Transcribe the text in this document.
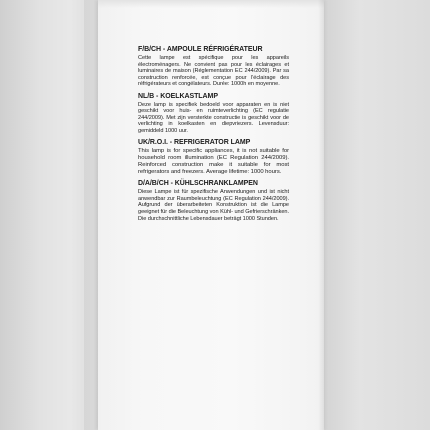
F/B/CH - AMPOULE RÉFRIGÉRATEUR

Cette lampe est spécifique pour les appareils électroménagers. Ne convient pas pour les éclairages et luminaires de maison (Réglementation EC 244/2009). Par sa construction renforcée, est conçue pour l'éclairage des réfrigérateurs et congélateurs. Durée: 1000h en moyenne.

NL/B - KOELKASTLAMP

Deze lamp is specifiek bedoeld voor apparaten en is niet geschikt voor huis- en ruimteverlichting (EC regulatie 244/2009). Met zijn versterkte constructie is geschikt voor de verlichting in koelkasten en diepvriezers. Levensduur: gemiddeld 1000 uur.

UK/R.O.I. - REFRIGERATOR LAMP

This lamp is for specific appliances, it is not suitable for household room illumination (EC Regulation 244/2009). Reinforced construction make it suitable for most refrigerators and freezers. Average lifetime: 1000 hours.

D/A/B/CH - KÜHLSCHRANKLAMPEN

Diese Lampe ist für spezifische Anwendungen und ist nicht anwendbar zur Raumbeleuchtung (EC Regulation 244/2009). Aufgrund der überarbeiteten Konstruktion ist die Lampe geeignet für die Beleuchtung von Kühl- und Gefrierschränken. Die durchschnittliche Lebensdauer beträgt 1000 Stunden.
